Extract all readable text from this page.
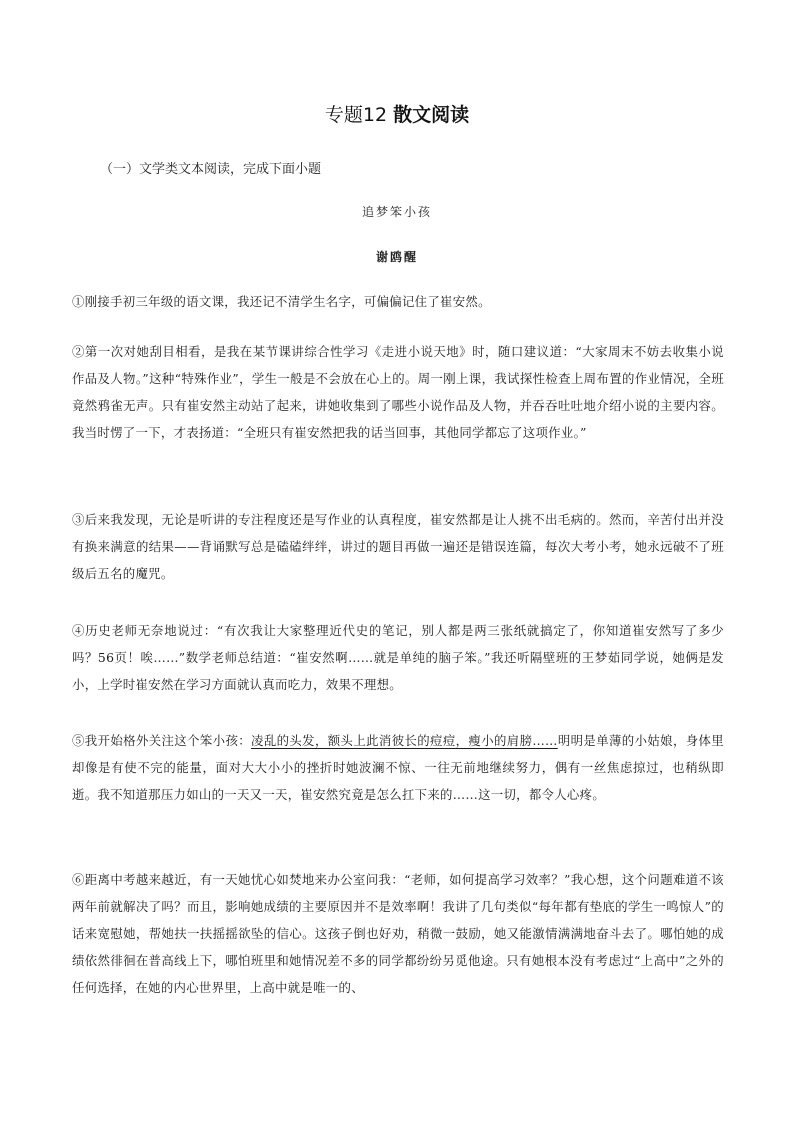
专题12 散文阅读
（一）文学类文本阅读，完成下面小题
追梦笨小孩
谢鸥醒
①刚接手初三年级的语文课，我还记不清学生名字，可偏偏记住了崔安然。
②第一次对她刮目相看，是我在某节课讲综合性学习《走进小说天地》时，随口建议道：“大家周末不妨去收集小说作品及人物。”这种“特殊作业”，学生一般是不会放在心上的。周一刚上课，我试探性检查上周布置的作业情况，全班竟然鸦雀无声。只有崔安然主动站了起来，讲她收集到了哪些小说作品及人物，并吞吞吐吐地介绍小说的主要内容。我当时愣了一下，才表扬道：“全班只有崔安然把我的话当回事，其他同学都忘了这项作业。”
③后来我发现，无论是听讲的专注程度还是写作业的认真程度，崔安然都是让人挑不出毛病的。然而，辛苦付出并没有换来满意的结果——背诵默写总是磕磕绊绊，讲过的题目再做一遍还是错误连篇，每次大考小考，她永远破不了班级后五名的魔咒。
④历史老师无奈地说过：“有次我让大家整理近代史的笔记，别人都是两三张纸就搞定了，你知道崔安然写了多少吗？56页！唉……”数学老师总结道：“崔安然啊……就是单纯的脑子笨。”我还听隔壁班的王梦茹同学说，她俩是发小，上学时崔安然在学习方面就认真而吃力，效果不理想。
⑤我开始格外关注这个笨小孩：凌乱的头发，额头上此消彼长的痘痘，瘦小的肩膀……明明是单薄的小姑娘，身体里却像是有使不完的能量，面对大大小小的挫折时她波澜不惊、一往无前地继续努力，偶有一丝焦虑掠过，也稍纵即逝。我不知道那压力如山的一天又一天，崔安然究竟是怎么扛下来的……这一切，都令人心疼。
⑥距离中考越来越近，有一天她忧心如焚地来办公室问我：“老师，如何提高学习效率？”我心想，这个问题难道不该两年前就解决了吗？而且，影响她成绩的主要原因并不是效率啊！我讲了几句类似“每年都有垫底的学生一鸣惊人”的话来宽慰她，帮她扶一扶摇摇欲坠的信心。这孩子倒也好劝，稍微一鼓励，她又能激情满满地奋斗去了。哪怕她的成绩依然徘徊在普高线上下，哪怕班里和她情况差不多的同学都纷纷另觅他途。只有她根本没有考虑过“上高中”之外的任何选择，在她的内心世界里，上高中就是唯一的、
